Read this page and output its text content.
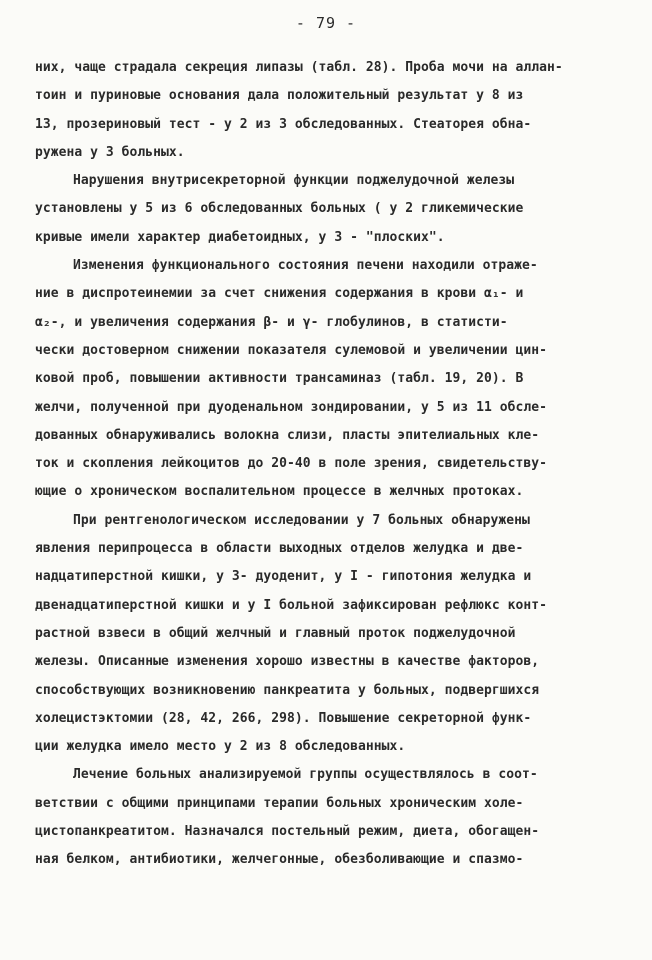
- 79 -
них, чаще страдала секреция липазы (табл. 28). Проба мочи на аллан-
тоин и пуриновые основания дала положительный результат у 8 из
13, прозериновый тест - у 2 из 3 обследованных. Стеаторея обна-
ружена у 3 больных.
Нарушения внутрисекреторной функции поджелудочной железы
установлены у 5 из 6 обследованных больных ( у 2 гликемические
кривые имели характер диабетоидных, у 3 - "плоских".
Изменения функционального состояния печени находили отраже-
ние в диспротеинемии за счет снижения содержания в крови α₁- и
α₂-, и увеличения содержания β- и γ- глобулинов, в статисти-
чески достоверном снижении показателя сулемовой и увеличении цин-
ковой проб, повышении активности трансаминаз (табл. 19, 20). В
желчи, полученной при дуоденальном зондировании, у 5 из 11 обсле-
дованных обнаруживались волокна слизи, пласты эпителиальных кле-
ток и скопления лейкоцитов до 20-40 в поле зрения, свидетельству-
ющие о хроническом воспалительном процессе в желчных протоках.
При рентгенологическом исследовании у 7 больных обнаружены
явления перипроцесса в области выходных отделов желудка и две-
надцатиперстной кишки, у 3- дуоденит, у I - гипотония желудка и
двенадцатиперстной кишки и у I больной зафиксирован рефлюкс конт-
растной взвеси в общий желчный и главный проток поджелудочной
железы. Описанные изменения хорошо известны в качестве факторов,
способствующих возникновению панкреатита у больных, подвергшихся
холецистэктомии (28, 42, 266, 298). Повышение секреторной функ-
ции желудка имело место у 2 из 8 обследованных.
Лечение больных анализируемой группы осуществлялось в соот-
ветствии с общими принципами терапии больных хроническим холе-
цистопанкреатитом. Назначался постельный режим, диета, обогащен-
ная белком, антибиотики, желчегонные, обезболивающие и спазмо-
